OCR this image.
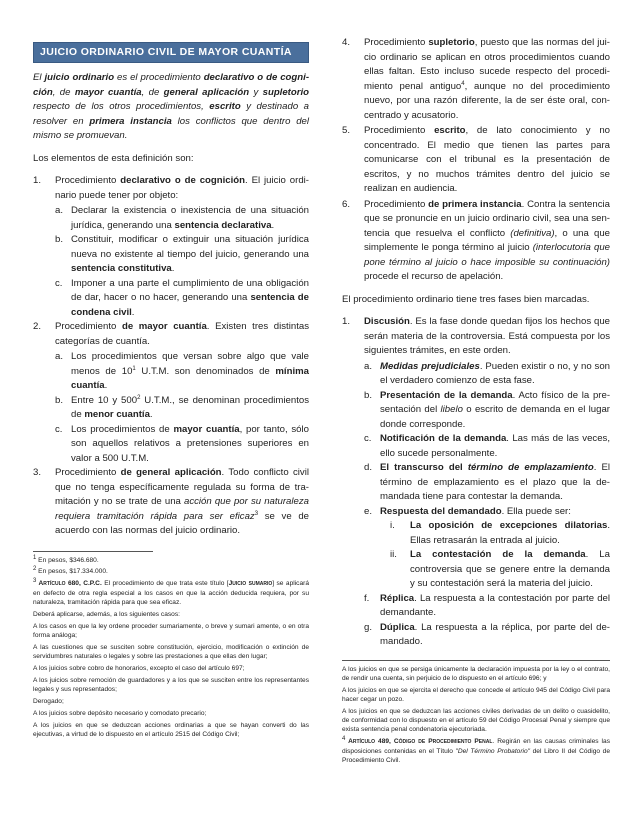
JUICIO ORDINARIO CIVIL DE MAYOR CUANTÍA

El juicio ordinario es el procedimiento declarativo o de cognición, de mayor cuantía, de general aplicación y supletorio respecto de los otros procedimientos, escrito y destinado a resolver en primera instancia los conflictos que dentro del mismo se promuevan.

Los elementos de esta definición son:

1. Procedimiento declarativo o de cognición. El juicio ordinario puede tener por objeto:
a. Declarar la existencia o inexistencia de una situación jurídica, generando una sentencia declarativa.
b. Constituir, modificar o extinguir una situación jurídica nueva no existente al tiempo del juicio, generando una sentencia constitutiva.
c. Imponer a una parte el cumplimiento de una obligación de dar, hacer o no hacer, generando una sentencia de condena civil.
2. Procedimiento de mayor cuantía. Existen tres distintas categorías de cuantía.
a. Los procedimientos que versan sobre algo que vale menos de $10^1$ U.T.M. son denominados de mínima cuantía.
b. Entre 10 y $500^2$ U.T.M., se denominan procedimientos de menor cuantía.
c. Los procedimientos de mayor cuantía, por tanto, sólo son aquellos relativos a pretensiones superiores en valor a 500 U.T.M.
3. Procedimiento de general aplicación. Todo conflicto civil que no tenga específicamente regulada su forma de tramitación y no se trate de una acción que por su naturaleza requiera tramitación rápida para ser eficaz$^3$ se ve de acuerdo con las normas del juicio ordinario.

$^1$ En pesos, $346.680.

$^2$ En pesos, $17.334.000.

$^3$ Artículo 680, C.P.C. El procedimiento de que trata este título [Juicio sumario] se aplicará en defecto de otra regla especial a los casos en que la acción deducida requiera, por su naturaleza, tramitación rápida para que sea eficaz.

Deberá aplicarse, además, a los siguientes casos:

A los casos en que la ley ordene proceder sumariamente, o breve y sumari amente, o en otra forma análoga;

A las cuestiones que se susciten sobre constitución, ejercicio, modificación o extinción de servidumbres naturales o legales y sobre las prestaciones a que ellas den lugar;

A los juicios sobre cobro de honorarios, excepto el caso del artículo 697;

A los juicios sobre remoción de guardadores y a los que se susciten entre los representantes legales y sus representados;

Derogado;

A los juicios sobre depósito necesario y comodato precario;

A los juicios en que se deduzcan acciones ordinarias a que se hayan converti do las ejecutivas, a virtud de lo dispuesto en el artículo 2515 del Código Civil;

4. Procedimiento supletorio, puesto que las normas del juicio ordinario se aplican en otros procedimientos cuando ellas faltan. Esto incluso sucede respecto del procedimiento penal antiguo$^4$, aunque no del procedimiento nuevo, por una razón diferente, la de ser éste oral, concentrado y acusatorio.
5. Procedimiento escrito, de lato conocimiento y no concentrado. El medio que tienen las partes para comunicarse con el tribunal es la presentación de escritos, y no muchos trámites dentro del juicio se realizan en audiencia.
6. Procedimiento de primera instancia. Contra la sentencia que se pronuncie en un juicio ordinario civil, sea una sentencia que resuelva el conflicto (definitiva), o una que simplemente le ponga término al juicio (interlocutoria que pone término al juicio o hace imposible su continuación) procede el recurso de apelación.

El procedimiento ordinario tiene tres fases bien marcadas.

1. Discusión. Es la fase donde quedan fijos los hechos que serán materia de la controversia. Está compuesta por los siguientes trámites, en este orden.
a. Medidas prejudiciales. Pueden existir o no, y no son el verdadero comienzo de esta fase.
b. Presentación de la demanda. Acto físico de la presentación del libelo o escrito de demanda en el lugar donde corresponde.
c. Notificación de la demanda. Las más de las veces, ello sucede personalmente.
d. El transcurso del término de emplazamiento. El término de emplazamiento es el plazo que la demandada tiene para contestar la demanda.
e. Respuesta del demandado. Ella puede ser:
i. La oposición de excepciones dilatorias. Ellas retrasarán la entrada al juicio.
ii. La contestación de la demanda. La controversia que se genere entre la demanda y su contestación será la materia del juicio.
f. Réplica. La respuesta a la contestación por parte del demandante.
g. Dúplica. La respuesta a la réplica, por parte del demandado.

A los juicios en que se persiga únicamente la declaración impuesta por la ley o el contrato, de rendir una cuenta, sin perjuicio de lo dispuesto en el artículo 696; y

A los juicios en que se ejercita el derecho que concede el artículo 945 del Código Civil para hacer cegar un pozo.

A los juicios en que se deduzcan las acciones civiles derivadas de un delito o cuasidelito, de conformidad con lo dispuesto en el artículo 59 del Código Procesal Penal y siempre que exista sentencia penal condenatoria ejecutoriada.

$^4$ Artículo 489, Código de Procedimiento Penal. Regirán en las causas criminales las disposiciones contenidas en el Título "Del Término Probatorio" del Libro II del Código de Procedimiento Civil.
